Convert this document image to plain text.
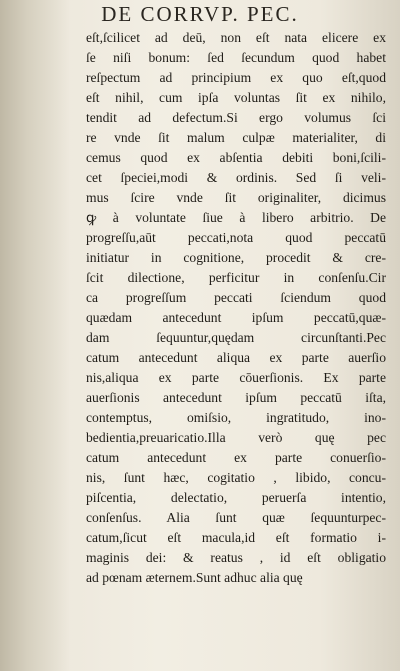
DE CORRVP. PEC.
eſt,ſcilicet ad deū, non eſt nata elicere ex
ſe niſi bonum: ſed ſecundum quod habet
reſpectum ad principium ex quo eſt,quod
eſt nihil, cum ipſa voluntas ſit ex nihilo,
tendit ad defectum.Si ergo volumus ſci
re vnde ſit malum culpæ materialiter, di
cemus quod ex abſentia debiti boni,ſcili-
cet ſpeciei,modi & ordinis. Sed ſi veli-
mus ſcire vnde ſit originaliter, dicimus
ꝙ à voluntate ſiue à libero arbitrio. De
progreſſu,aūt peccati,nota quod peccatū
initiatur in cognitione, procedit & cre-
ſcit dilectione, perficitur in conſenſu.Cir
ca progreſſum peccati ſciendum quod
quædam antecedunt ipſum peccatū,quæ-
dam ſequuntur,quędam circunſtanti.Pec
catum antecedunt aliqua ex parte auerſio
nis,aliqua ex parte cōuerſionis. Ex parte
auerſionis antecedunt ipſum peccatū iſta,
contemptus, omiſsio, ingratitudo, ino-
bedientia,preuaricatio.Illa verò quę pec
catum antecedunt ex parte conuerſio-
nis, ſunt hæc, cogitatio , libido, concu-
piſcentia, delectatio, peruerſa intentio,
conſenſus. Alia ſunt quæ ſequunturpec-
catum,ſicut eſt macula,id eſt formatio i-
maginis dei: & reatus , id eſt obligatio
ad pœnam æternem.Sunt adhuc alia quę
